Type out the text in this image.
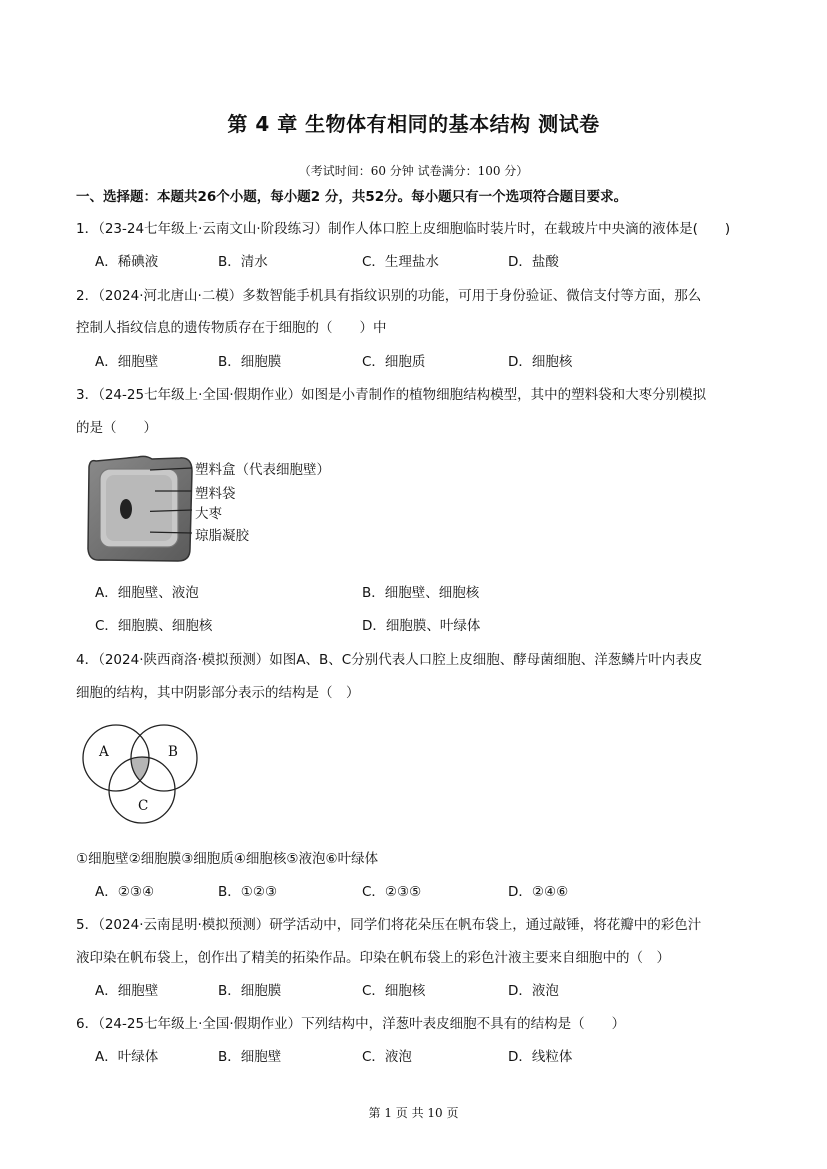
第 4 章 生物体有相同的基本结构 测试卷
（考试时间：60 分钟 试卷满分：100 分）
一、选择题：本题共26个小题，每小题2 分，共52分。每小题只有一个选项符合题目要求。
1．（23-24七年级上·云南文山·阶段练习）制作人体口腔上皮细胞临时装片时，在载玻片中央滴的液体是(　　)
A．稀碘液	B．清水	C．生理盐水	D．盐酸
2．（2024·河北唐山·二模）多数智能手机具有指纹识别的功能，可用于身份验证、微信支付等方面，那么
控制人指纹信息的遗传物质存在于细胞的（　　）中
A．细胞壁	B．细胞膜	C．细胞质	D．细胞核
3．（24-25七年级上·全国·假期作业）如图是小青制作的植物细胞结构模型，其中的塑料袋和大枣分别模拟
的是（　　）
塑料盒（代表细胞壁）
塑料袋
大枣
琼脂凝胶
A．细胞壁、液泡	B．细胞壁、细胞核
C．细胞膜、细胞核	D．细胞膜、叶绿体
4．（2024·陕西商洛·模拟预测）如图A、B、C分别代表人口腔上皮细胞、酵母菌细胞、洋葱鳞片叶内表皮
细胞的结构，其中阴影部分表示的结构是（　）
A	B
C
①细胞壁②细胞膜③细胞质④细胞核⑤液泡⑥叶绿体
A．②③④	B．①②③	C．②③⑤	D．②④⑥
5．（2024·云南昆明·模拟预测）研学活动中，同学们将花朵压在帆布袋上，通过敲锤，将花瓣中的彩色汁
液印染在帆布袋上，创作出了精美的拓染作品。印染在帆布袋上的彩色汁液主要来自细胞中的（　）
A．细胞壁	B．细胞膜	C．细胞核	D．液泡
6．（24-25七年级上·全国·假期作业）下列结构中，洋葱叶表皮细胞不具有的结构是（　　）
A．叶绿体	B．细胞壁	C．液泡	D．线粒体
第 1 页 共 10 页
